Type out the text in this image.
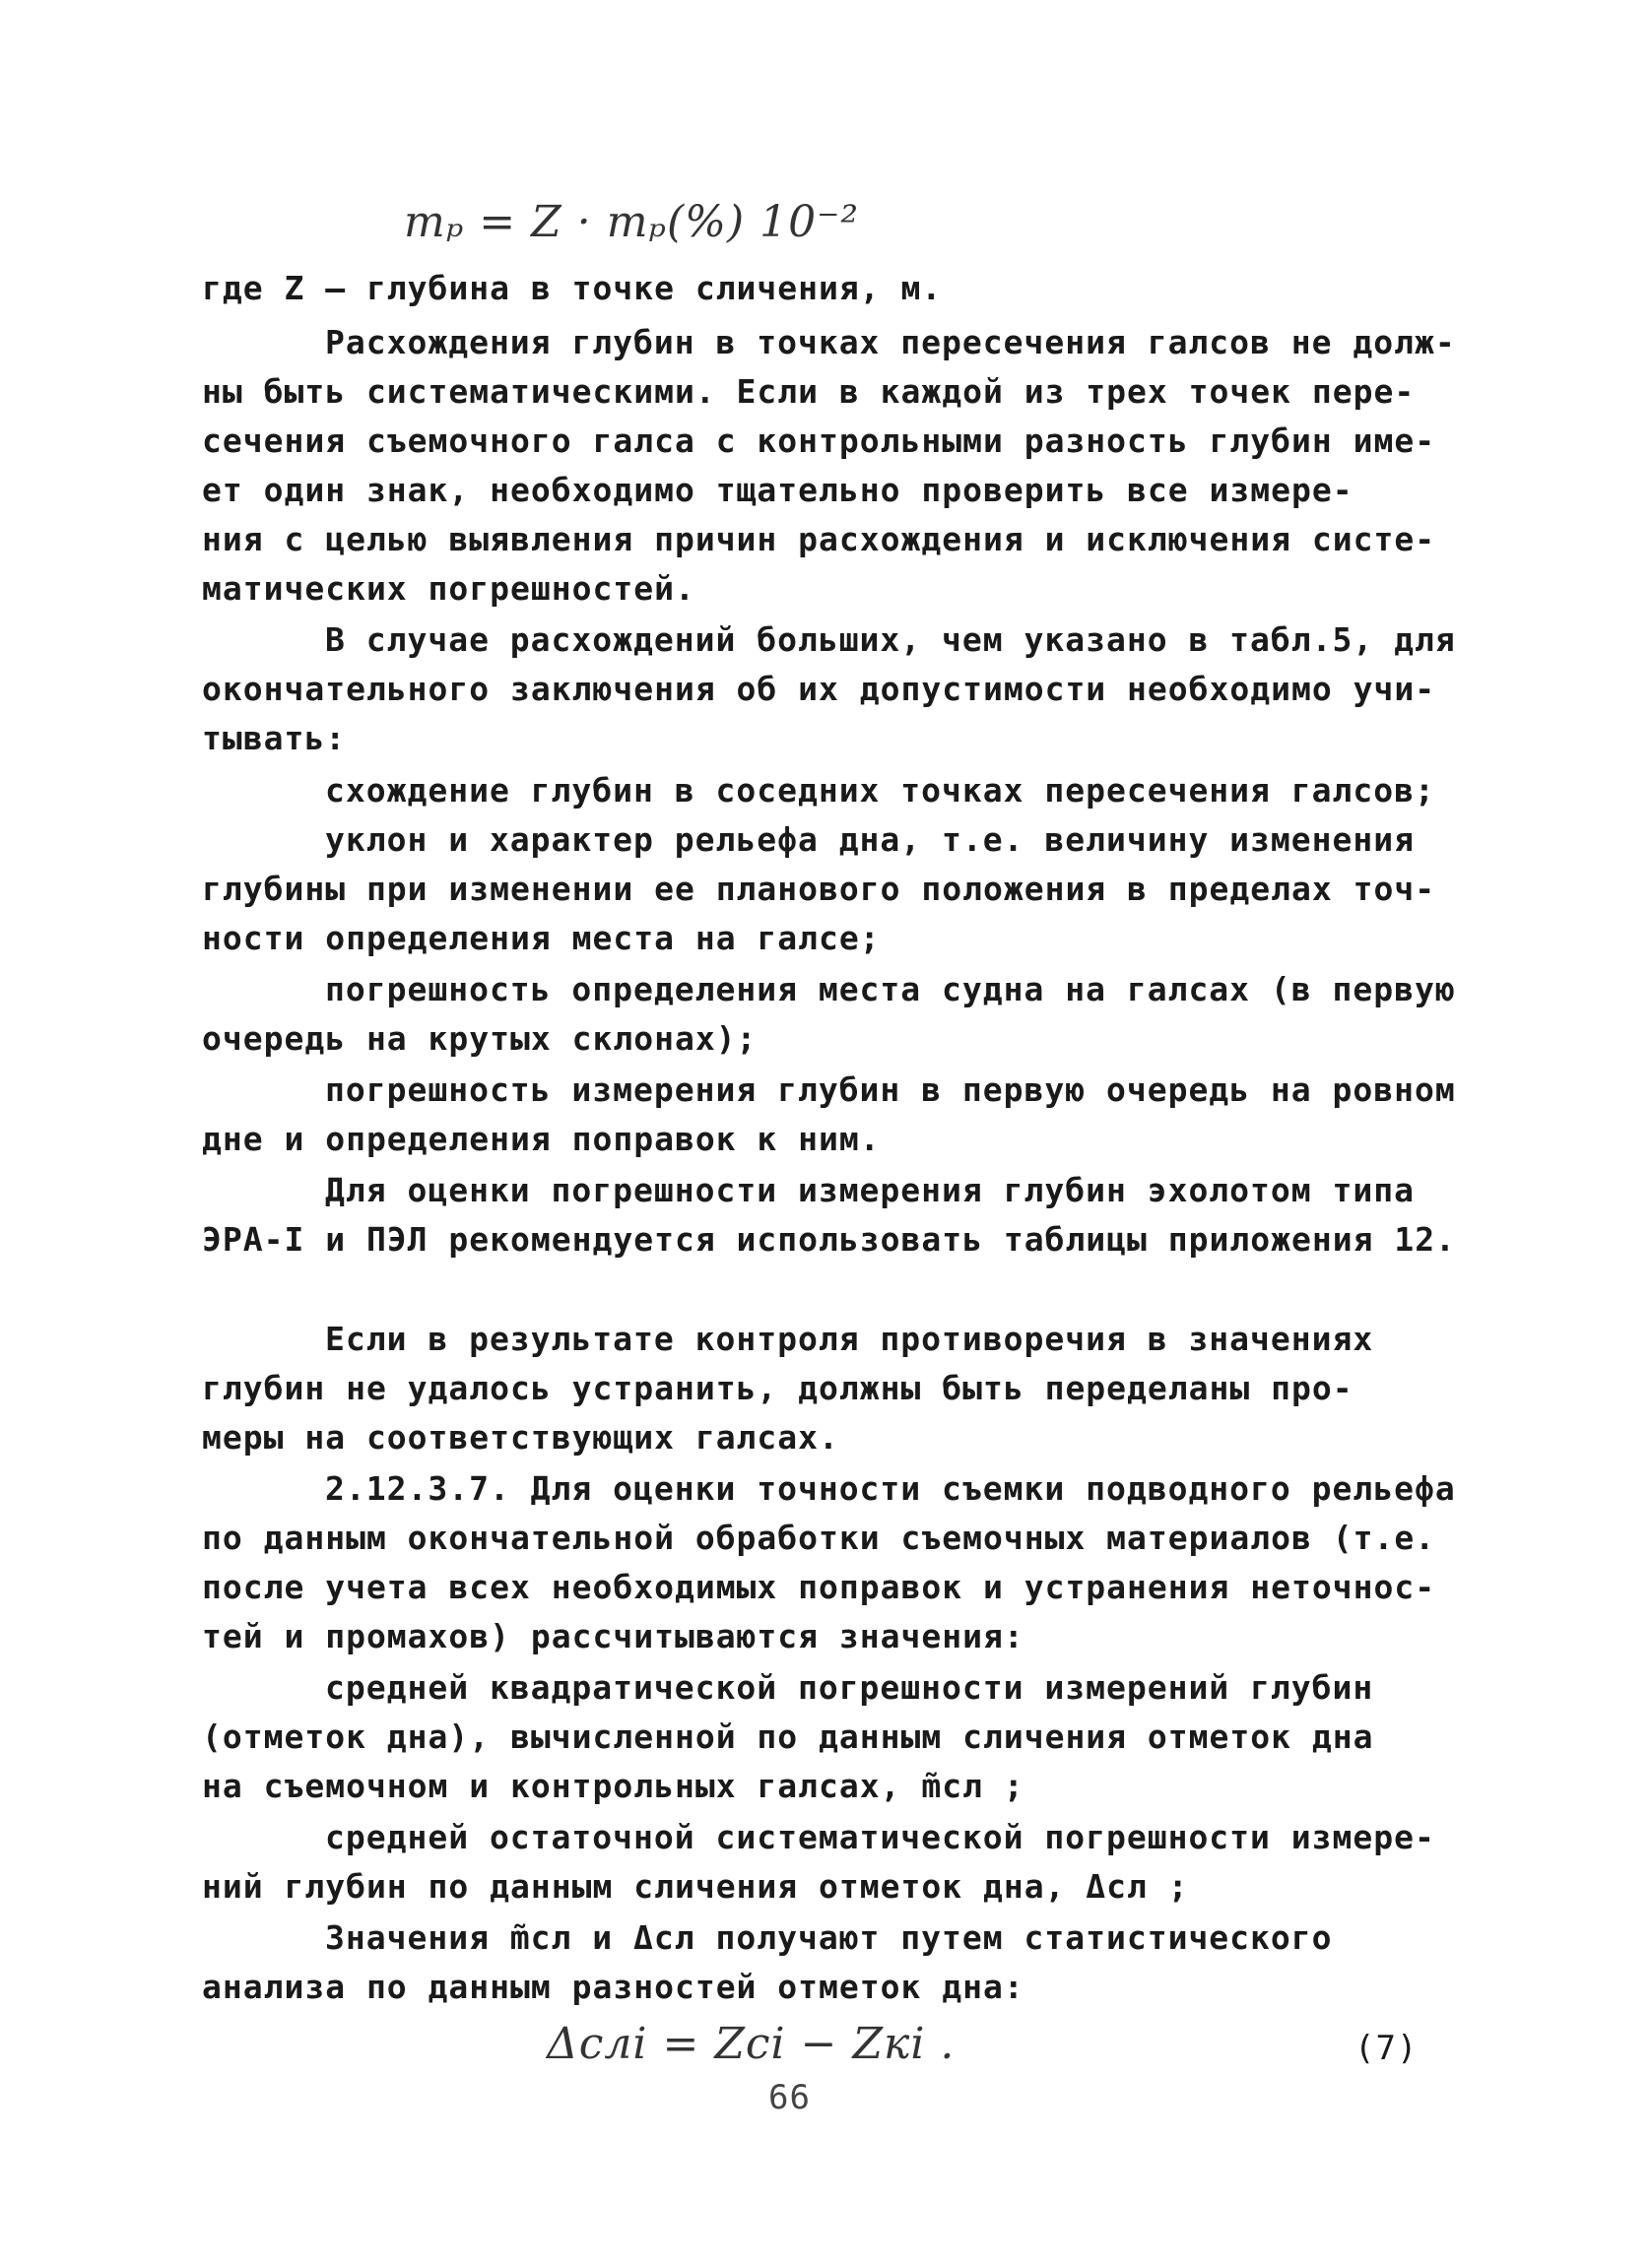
mₚ = Z · mₚ(%) 10⁻²
где Z – глубина в точке сличения, м.
Расхождения глубин в точках пересечения галсов не долж-
ны быть систематическими. Если в каждой из трех точек пере-
сечения съемочного галса с контрольными разность глубин име-
ет один знак, необходимо тщательно проверить все измере-
ния с целью выявления причин расхождения и исключения систе-
матических погрешностей.
В случае расхождений больших, чем указано в табл.5, для
окончательного заключения об их допустимости необходимо учи-
тывать:
схождение глубин в соседних точках пересечения галсов;
уклон и характер рельефа дна, т.е. величину изменения
глубины при изменении ее планового положения в пределах точ-
ности определения места на галсе;
погрешность определения места судна на галсах (в первую
очередь на крутых склонах);
погрешность измерения глубин в первую очередь на ровном
дне и определения поправок к ним.
Для оценки погрешности измерения глубин эхолотом типа
ЭРА-I и ПЭЛ рекомендуется использовать таблицы приложения 12.
Если в результате контроля противоречия в значениях
глубин не удалось устранить, должны быть переделаны про-
меры на соответствующих галсах.
2.12.3.7. Для оценки точности съемки подводного рельефа
по данным окончательной обработки съемочных материалов (т.е.
после учета всех необходимых поправок и устранения неточнос-
тей и промахов) рассчитываются значения:
средней квадратической погрешности измерений глубин
(отметок дна), вычисленной по данным сличения отметок дна
на съемочном и контрольных галсах, m̃сл ;
средней остаточной систематической погрешности измере-
ний глубин по данным сличения отметок дна, Δсл ;
Значения m̃сл и Δсл получают путем статистического
анализа по данным разностей отметок дна:
Δслi = Zсi − Zкi .	(7)
66
